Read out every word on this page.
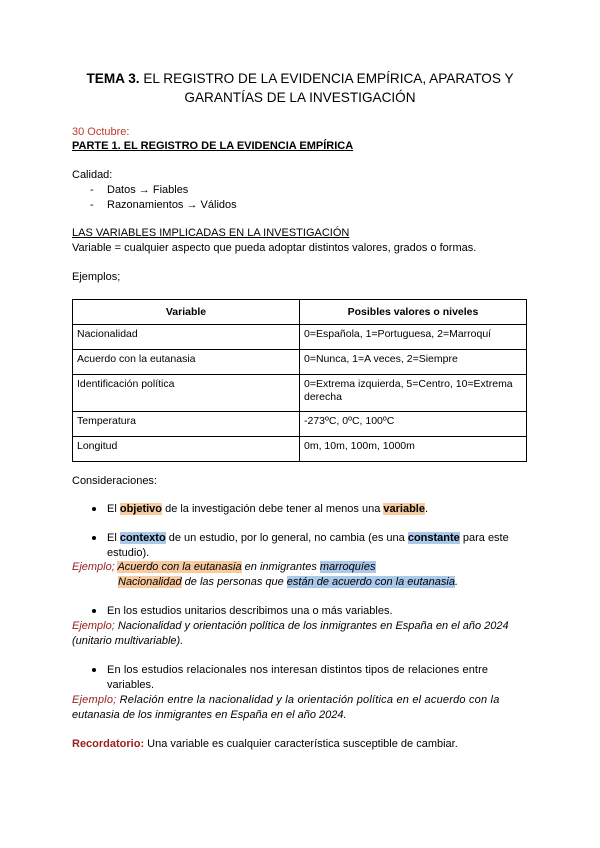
TEMA 3. EL REGISTRO DE LA EVIDENCIA EMPÍRICA, APARATOS Y GARANTÍAS DE LA INVESTIGACIÓN
30 Octubre:
PARTE 1. EL REGISTRO DE LA EVIDENCIA EMPÍRICA
Calidad:
- Datos → Fiables
- Razonamientos → Válidos
LAS VARIABLES IMPLICADAS EN LA INVESTIGACIÓN
Variable = cualquier aspecto que pueda adoptar distintos valores, grados o formas.
Ejemplos;
Variable	Posibles valores o niveles
Nacionalidad	0=Española, 1=Portuguesa, 2=Marroquí
Acuerdo con la eutanasia	0=Nunca, 1=A veces, 2=Siempre
Identificación política	0=Extrema izquierda, 5=Centro, 10=Extrema derecha
Temperatura	-273ºC, 0ºC, 100ºC
Longitud	0m, 10m, 100m, 1000m
Consideraciones:
El objetivo de la investigación debe tener al menos una variable.
El contexto de un estudio, por lo general, no cambia (es una constante para este
estudio).
Ejemplo; Acuerdo con la eutanasia en inmigrantes marroquíes
Nacionalidad de las personas que están de acuerdo con la eutanasia.
En los estudios unitarios describimos una o más variables.
Ejemplo; Nacionalidad y orientación política de los inmigrantes en España en el año 2024
(unitario multivariable).
En los estudios relacionales nos interesan distintos tipos de relaciones entre
variables.
Ejemplo; Relación entre la nacionalidad y la orientación política en el acuerdo con la
eutanasia de los inmigrantes en España en el año 2024.
Recordatorio: Una variable es cualquier característica susceptible de cambiar.
